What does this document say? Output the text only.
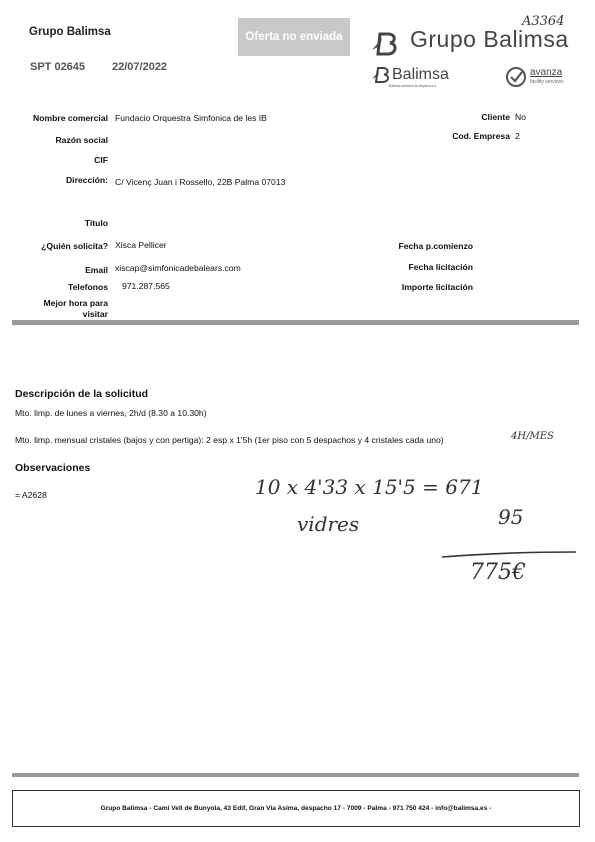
Grupo Balimsa
SPT 02645 22/07/2022
Oferta no enviada	Grupo Balimsa
A3364
Balimsa
Balimsa servicios de limpieza s.a.
avanza
facility services
Nombre comercial Fundacio Orquestra Simfonica de les IB
Razón social
CIF
Dirección: C/ Vicenç Juan i Rossello, 22B Palma 07013
Titulo
¿Quién solicita? Xisca Pellicer
Email xiscap@simfonicadebalears.com
Telefonos 971.287.565
Mejor hora para
visitar
Cliente No
Cod. Empresa 2
Fecha p.comienzo
Fecha licitación
Importe licitación
Descripción de la solicitud
Mto. limp. de lunes a viernes, 2h/d (8.30 a 10.30h)
Mto. limp. mensual cristales (bajos y con pertiga): 2 esp x 1'5h (1er piso con 5 despachos y 4 cristales cada uno)	4H/MES
Observaciones
= A2628	10 x 4'33 x 15'5 = 671
vidres	95
775€
Grupo Balimsa - Cami Vell de Bunyola, 43 Edif, Gran Via Asima, despacho 17 - 7009 - Palma - 971 750 424 - info@balimsa.es -
